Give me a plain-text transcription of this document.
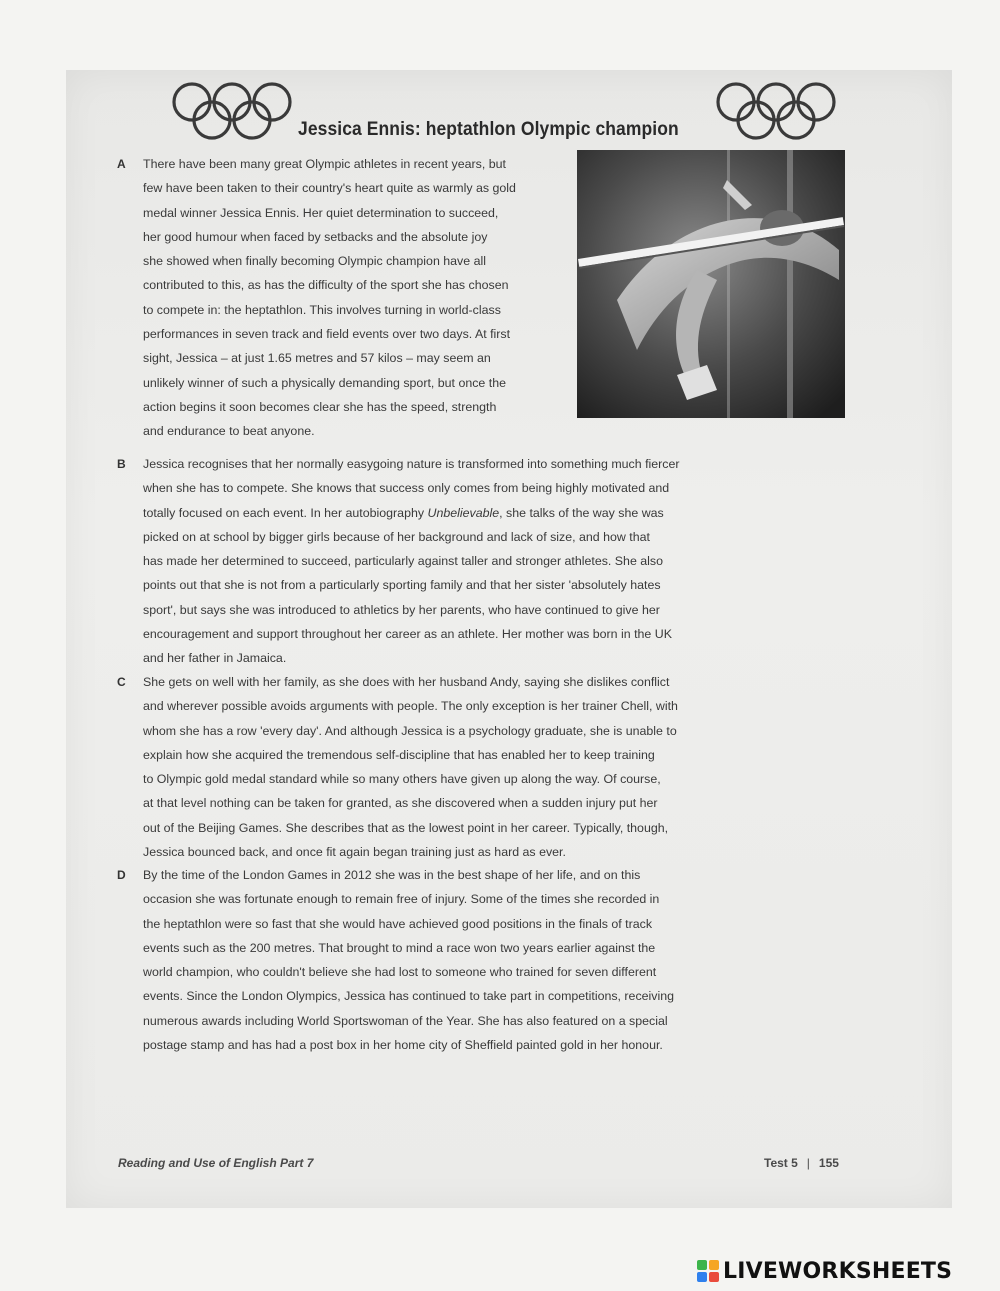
Jessica Ennis: heptathlon Olympic champion
A There have been many great Olympic athletes in recent years, but
few have been taken to their country's heart quite as warmly as gold
medal winner Jessica Ennis. Her quiet determination to succeed,
her good humour when faced by setbacks and the absolute joy
she showed when finally becoming Olympic champion have all
contributed to this, as has the difficulty of the sport she has chosen
to compete in: the heptathlon. This involves turning in world-class
performances in seven track and field events over two days. At first
sight, Jessica – at just 1.65 metres and 57 kilos – may seem an
unlikely winner of such a physically demanding sport, but once the
action begins it soon becomes clear she has the speed, strength
and endurance to beat anyone.
B Jessica recognises that her normally easygoing nature is transformed into something much fiercer
when she has to compete. She knows that success only comes from being highly motivated and
totally focused on each event. In her autobiography Unbelievable, she talks of the way she was
picked on at school by bigger girls because of her background and lack of size, and how that
has made her determined to succeed, particularly against taller and stronger athletes. She also
points out that she is not from a particularly sporting family and that her sister 'absolutely hates
sport', but says she was introduced to athletics by her parents, who have continued to give her
encouragement and support throughout her career as an athlete. Her mother was born in the UK
and her father in Jamaica.
C She gets on well with her family, as she does with her husband Andy, saying she dislikes conflict
and wherever possible avoids arguments with people. The only exception is her trainer Chell, with
whom she has a row 'every day'. And although Jessica is a psychology graduate, she is unable to
explain how she acquired the tremendous self-discipline that has enabled her to keep training
to Olympic gold medal standard while so many others have given up along the way. Of course,
at that level nothing can be taken for granted, as she discovered when a sudden injury put her
out of the Beijing Games. She describes that as the lowest point in her career. Typically, though,
Jessica bounced back, and once fit again began training just as hard as ever.
D By the time of the London Games in 2012 she was in the best shape of her life, and on this
occasion she was fortunate enough to remain free of injury. Some of the times she recorded in
the heptathlon were so fast that she would have achieved good positions in the finals of track
events such as the 200 metres. That brought to mind a race won two years earlier against the
world champion, who couldn't believe she had lost to someone who trained for seven different
events. Since the London Olympics, Jessica has continued to take part in competitions, receiving
numerous awards including World Sportswoman of the Year. She has also featured on a special
postage stamp and has had a post box in her home city of Sheffield painted gold in her honour.
Reading and Use of English Part 7	Test 5 | 155
LIVEWORKSHEETS
